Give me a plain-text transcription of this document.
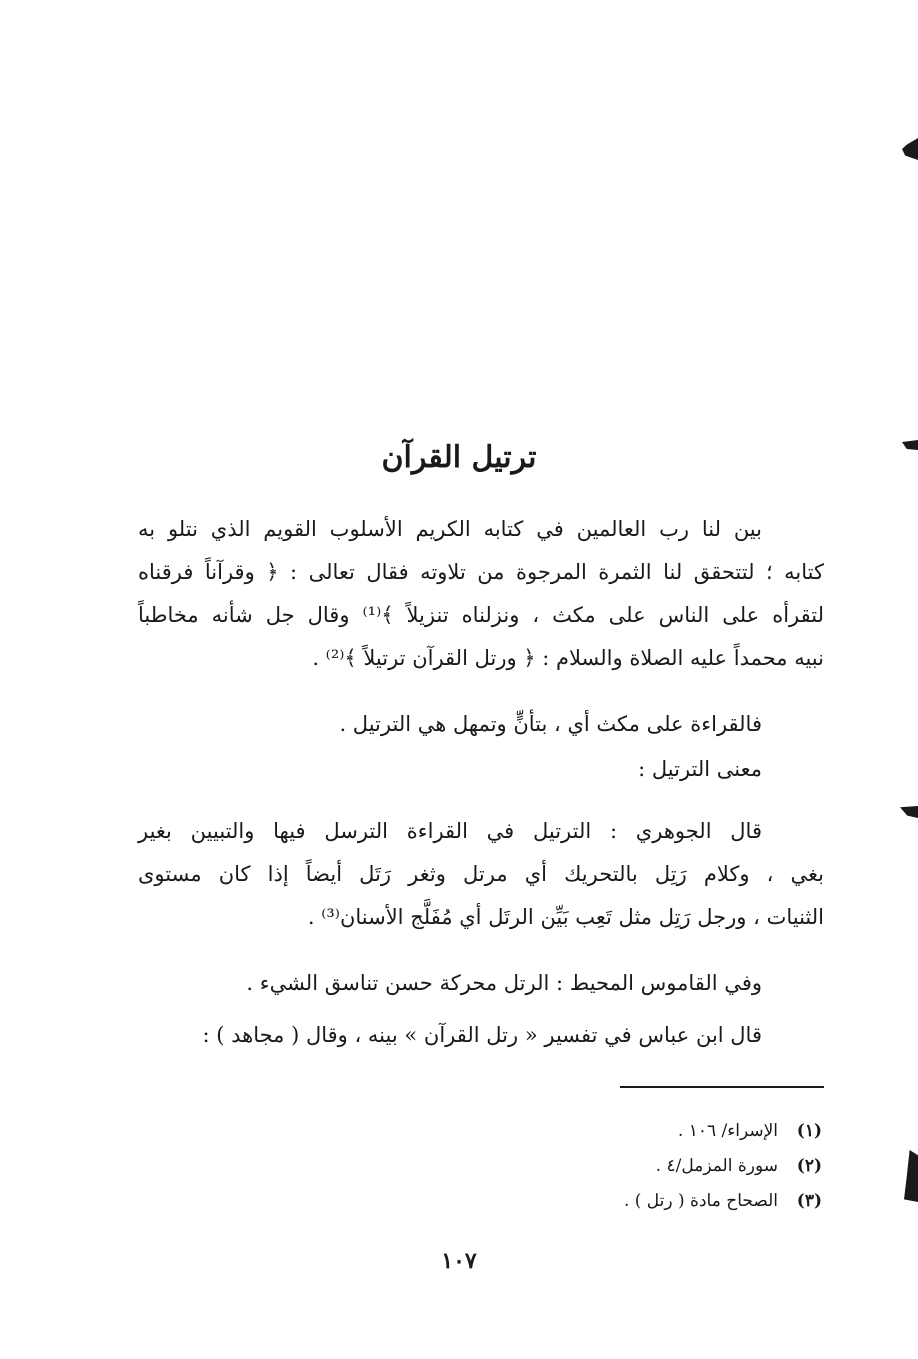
ترتيل القرآن
بين لنا رب العالمين في كتابه الكريم الأسلوب القويم الذي نتلو به
كتابه ؛ لتتحقق لنا الثمرة المرجوة من تلاوته فقال تعالى : ﴿ وقرآناً فرقناه
لتقرأه على الناس على مكث ، ونزلناه تنزيلاً ﴾⁽¹⁾ وقال جل شأنه مخاطباً
نبيه محمداً عليه الصلاة والسلام : ﴿ ورتل القرآن ترتيلاً ﴾⁽²⁾ .
فالقراءة على مكث أي ، بتأنٍّ وتمهل هي الترتيل .
معنى الترتيل :
قال الجوهري : الترتيل في القراءة الترسل فيها والتبيين بغير
بغي ، وكلام رَتِل بالتحريك أي مرتل وثغر رَتَل أيضاً إذا كان مستوى
الثنيات ، ورجل رَتِل مثل تَعِب بَيِّن الرتَل أي مُفَلَّج الأسنان⁽³⁾ .
وفي القاموس المحيط : الرتل محركة حسن تناسق الشيء .
قال ابن عباس في تفسير « رتل القرآن » بينه ، وقال ( مجاهد ) :
(١)
الإسراء/ ١٠٦ .
(٢)
سورة المزمل/٤ .
(٣)
الصحاح مادة ( رتل ) .
١٠٧
